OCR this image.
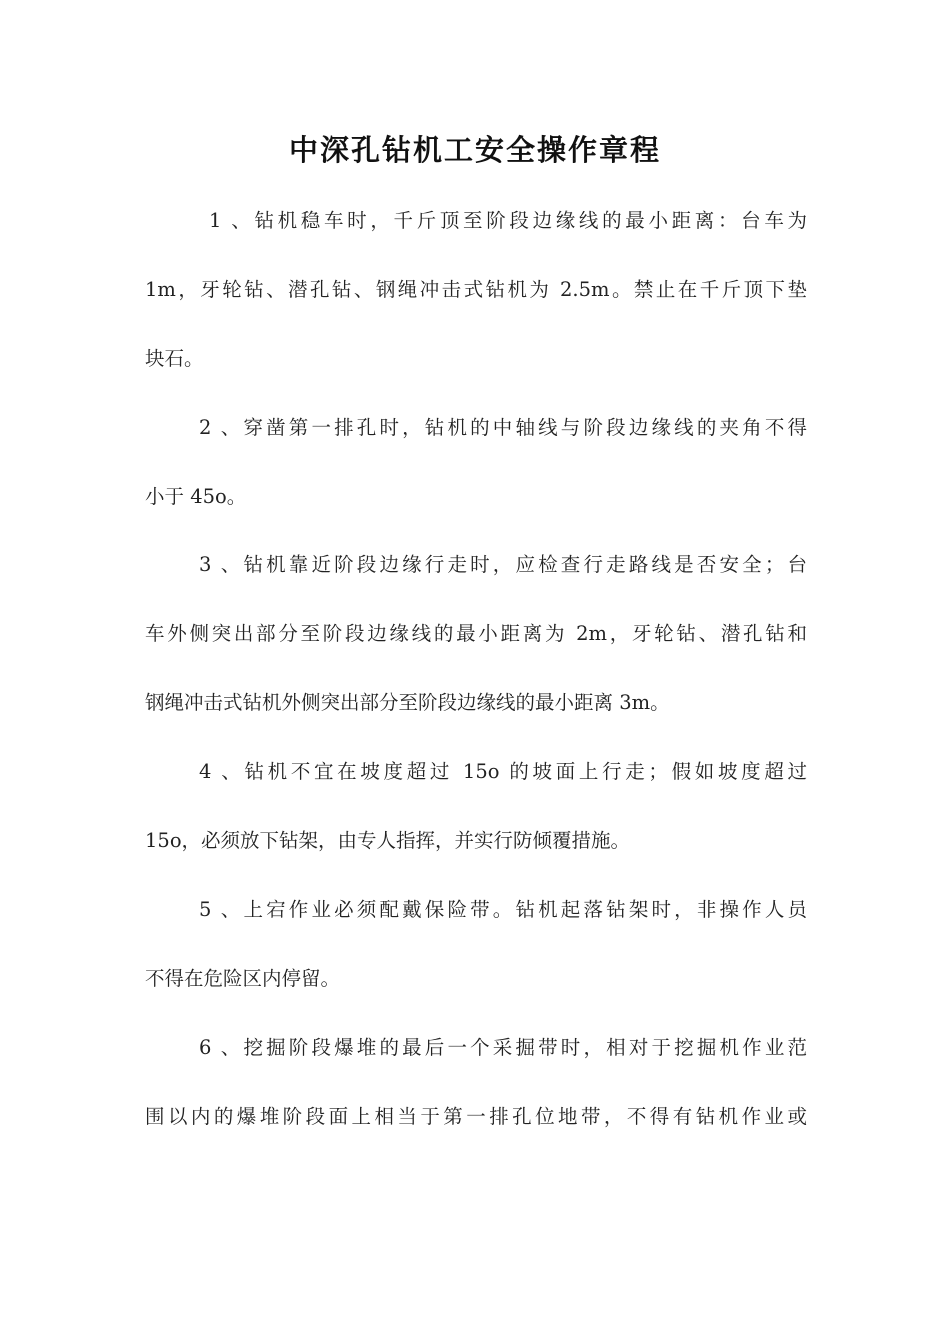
中深孔钻机工安全操作章程
1 、钻机稳车时，千斤顶至阶段边缘线的最小距离：台车为
1m，牙轮钻、潜孔钻、钢绳冲击式钻机为 2.5m。禁止在千斤顶下垫
块石。
2 、穿凿第一排孔时，钻机的中轴线与阶段边缘线的夹角不得
小于 45o。
3 、钻机靠近阶段边缘行走时，应检查行走路线是否安全；台
车外侧突出部分至阶段边缘线的最小距离为 2m，牙轮钻、潜孔钻和
钢绳冲击式钻机外侧突出部分至阶段边缘线的最小距离 3m。
4 、钻机不宜在坡度超过 15o 的坡面上行走；假如坡度超过
15o，必须放下钻架，由专人指挥，并实行防倾覆措施。
5 、上宕作业必须配戴保险带。钻机起落钻架时，非操作人员
不得在危险区内停留。
6 、挖掘阶段爆堆的最后一个采掘带时，相对于挖掘机作业范
围以内的爆堆阶段面上相当于第一排孔位地带，不得有钻机作业或
